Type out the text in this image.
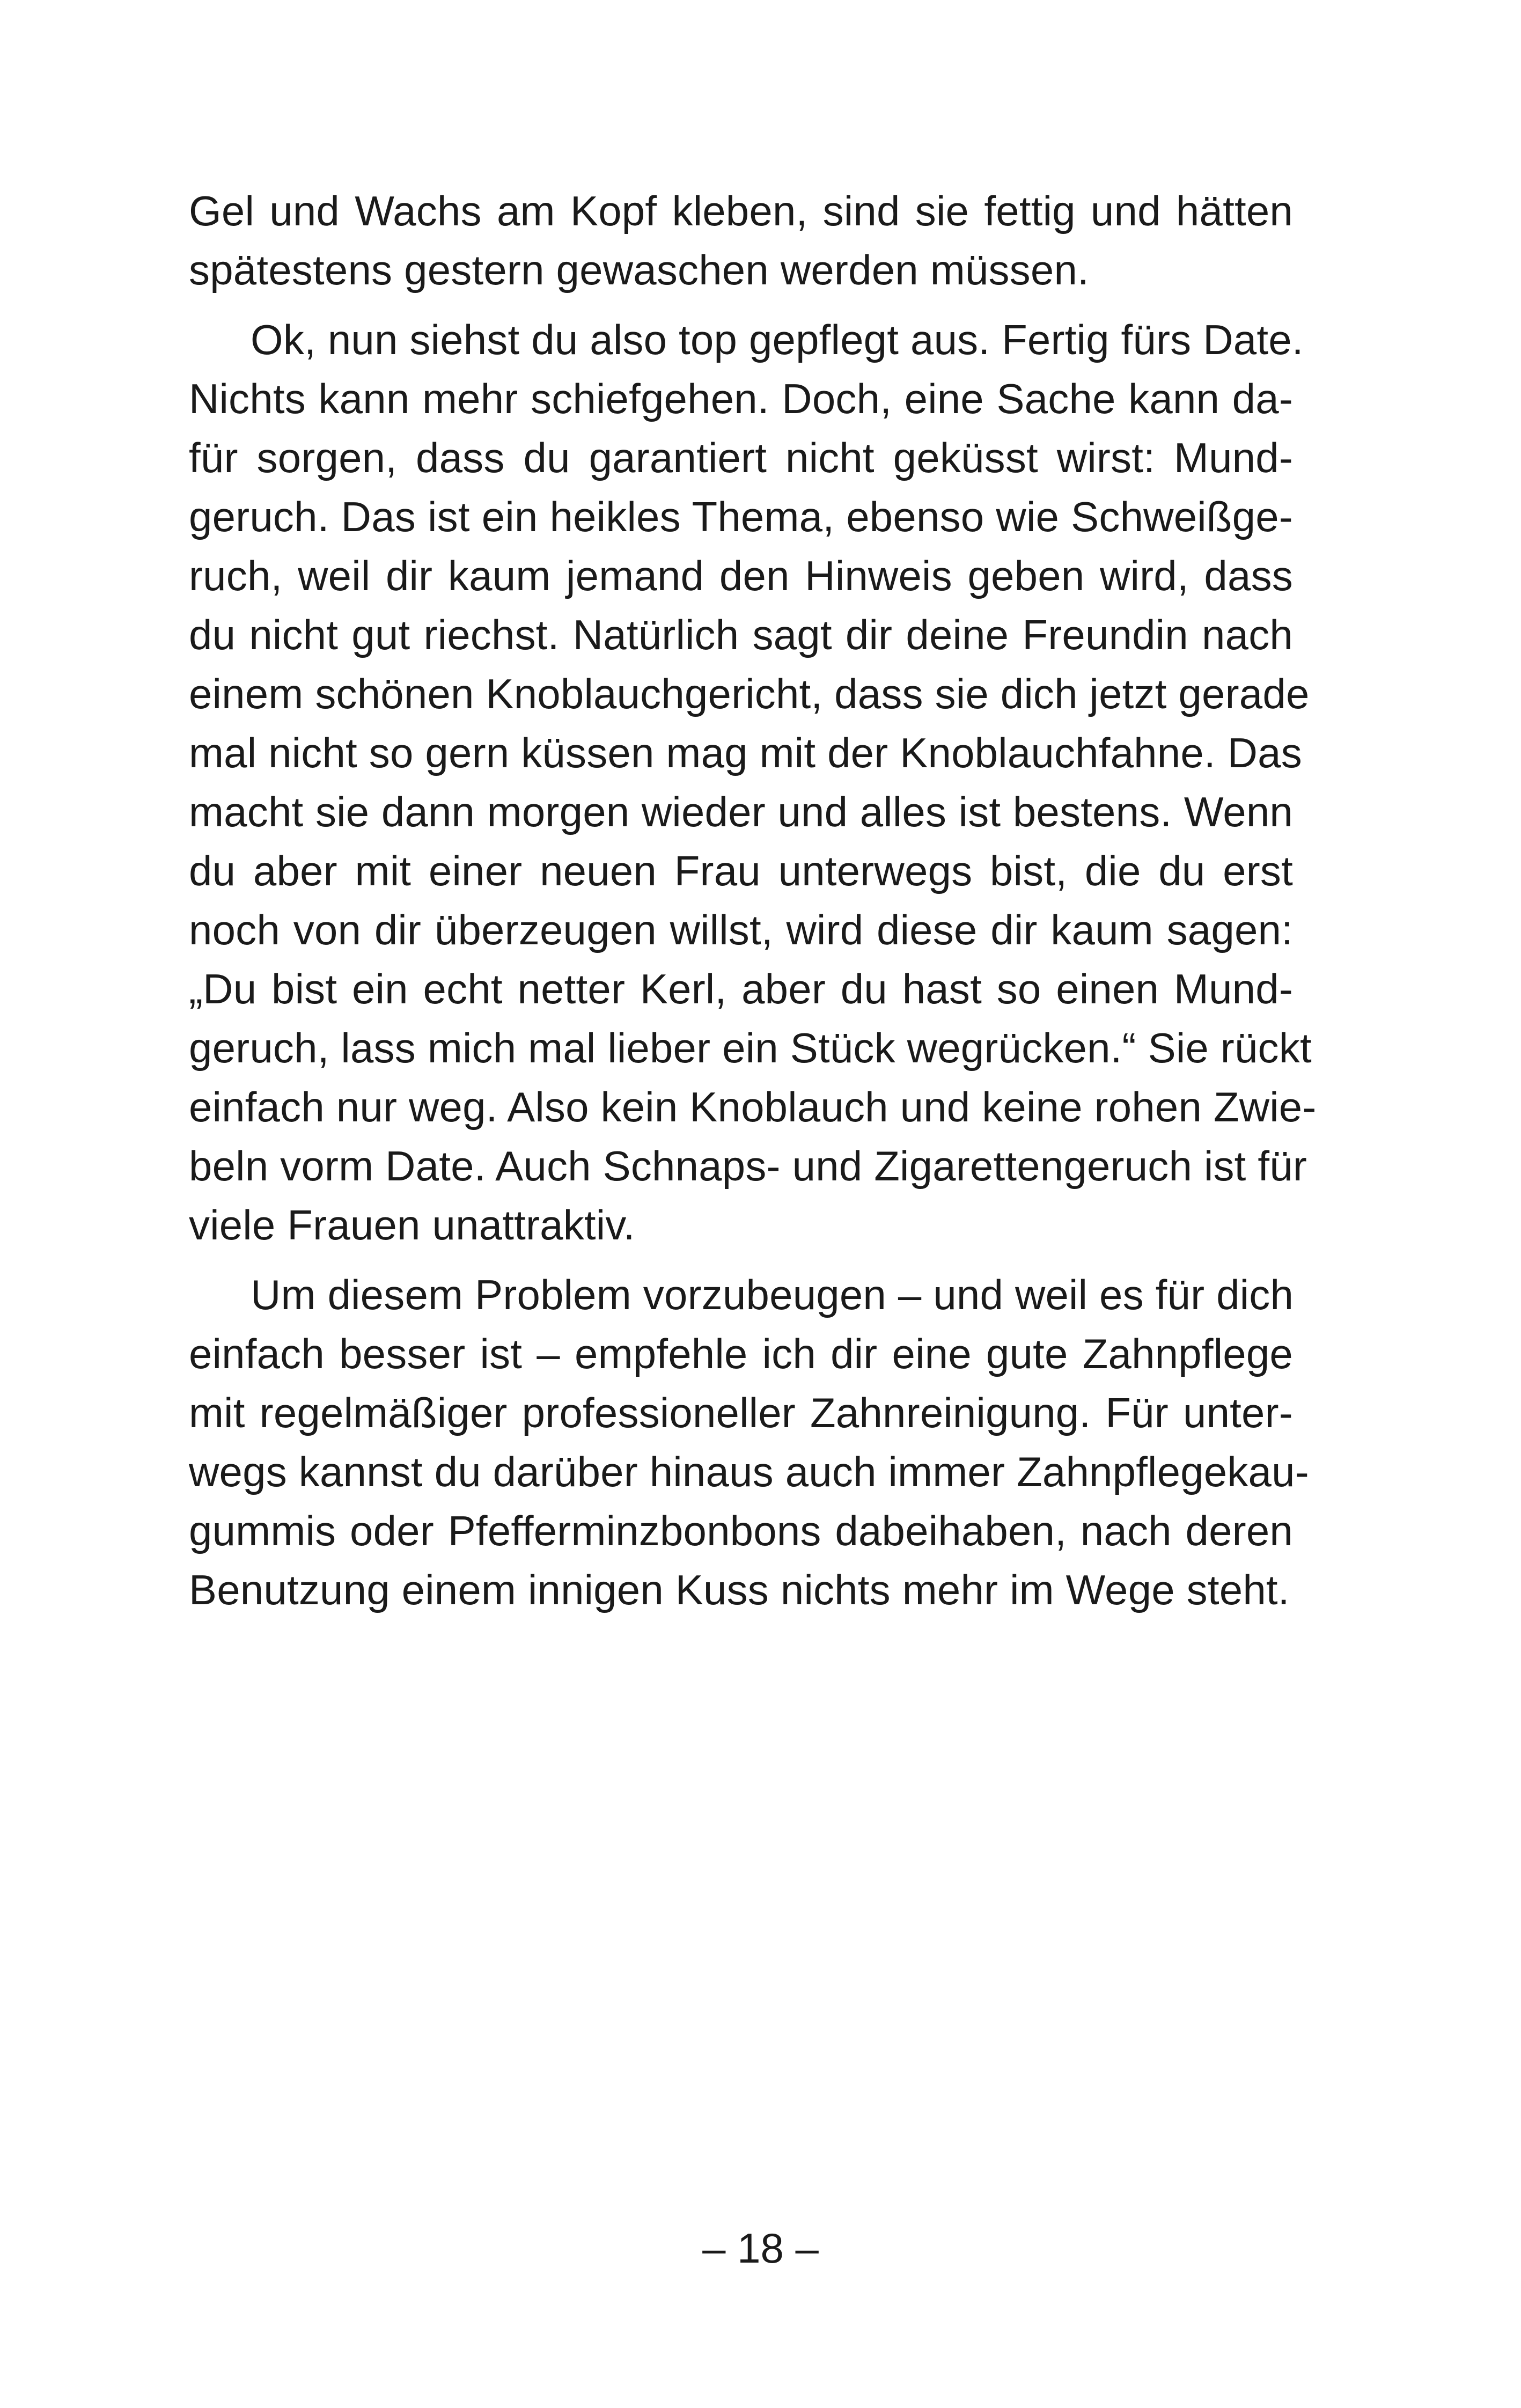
Gel und Wachs am Kopf kleben, sind sie fettig und hätten
spätestens gestern gewaschen werden müssen.
Ok, nun siehst du also top gepflegt aus. Fertig fürs Date.
Nichts kann mehr schiefgehen. Doch, eine Sache kann da-
für sorgen, dass du garantiert nicht geküsst wirst: Mund-
geruch. Das ist ein heikles Thema, ebenso wie Schweißge-
ruch, weil dir kaum jemand den Hinweis geben wird, dass
du nicht gut riechst. Natürlich sagt dir deine Freundin nach
einem schönen Knoblauchgericht, dass sie dich jetzt gerade
mal nicht so gern küssen mag mit der Knoblauchfahne. Das
macht sie dann morgen wieder und alles ist bestens. Wenn
du aber mit einer neuen Frau unterwegs bist, die du erst
noch von dir überzeugen willst, wird diese dir kaum sagen:
„Du bist ein echt netter Kerl, aber du hast so einen Mund-
geruch, lass mich mal lieber ein Stück wegrücken.“ Sie rückt
einfach nur weg. Also kein Knoblauch und keine rohen Zwie-
beln vorm Date. Auch Schnaps- und Zigarettengeruch ist für
viele Frauen unattraktiv.
Um diesem Problem vorzubeugen – und weil es für dich
einfach besser ist – empfehle ich dir eine gute Zahnpflege
mit regelmäßiger professioneller Zahnreinigung. Für unter-
wegs kannst du darüber hinaus auch immer Zahnpflegekau-
gummis oder Pfefferminzbonbons dabeihaben, nach deren
Benutzung einem innigen Kuss nichts mehr im Wege steht.
– 18 –
